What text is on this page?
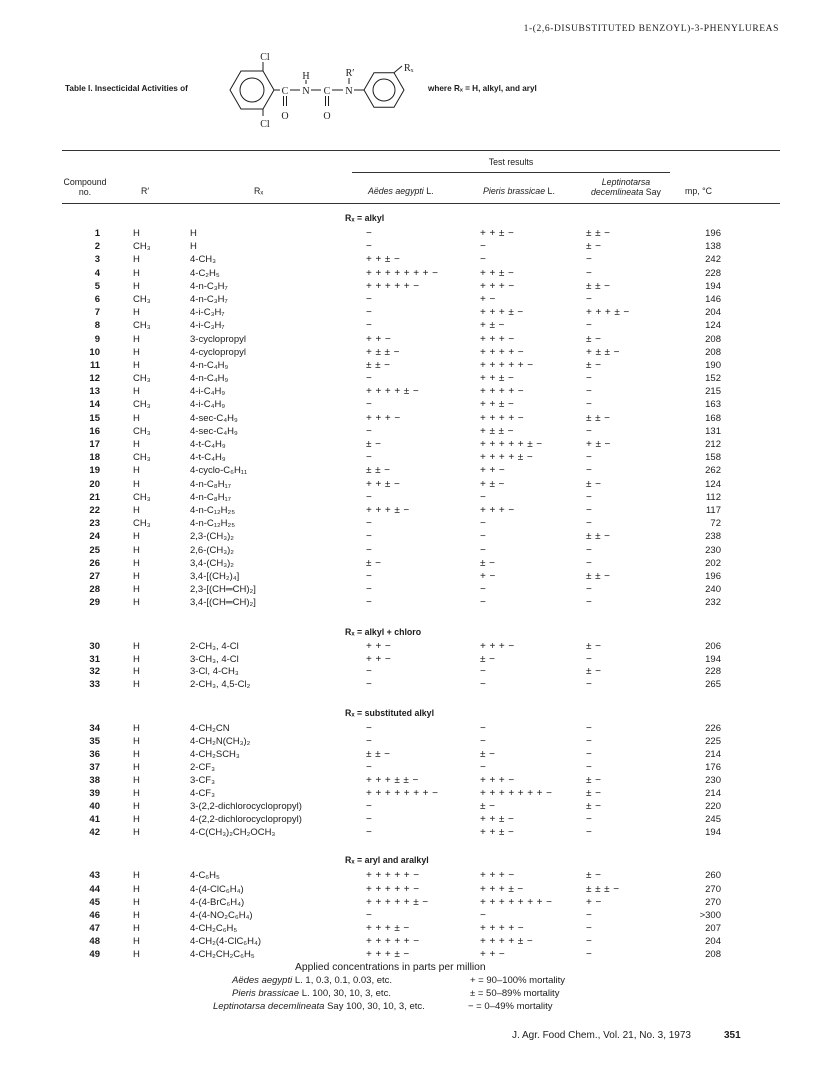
1-(2,6-DISUBSTITUTED BENZOYL)-3-PHENYLUREAS
Table I. Insecticidal Activities of
Cl
Cl
C N
H
C N
R′	Rₓ
O	O
where Rₓ = H, alkyl, and aryl
Test results
Compound
no.	R′	Rₓ	Aëdes aegypti L.	Pieris brassicae L.
Leptinotarsa
decemlineata Say	mp, °C
Rₓ = alkyl
1	H	H	−	++±−	±±−	196
2	CH₃	H	−	−	±−	138
3	H	4-CH₃	++±−	−	−	242
4	H	4-C₂H₅	+++++++−	++±−	−	228
5	H	4-n-C₃H₇	+++++−	+++−	±±−	194
6	CH₃	4-n-C₃H₇	−	+−	−	146
7	H	4-i-C₃H₇	−	+++±−	+++±−	204
8	CH₃	4-i-C₃H₇	−	+±−	−	124
9	H	3-cyclopropyl	++−	+++−	±−	208
10	H	4-cyclopropyl	+±±−	++++−	+±±−	208
11	H	4-n-C₄H₉	±±−	+++++−	±−	190
12	CH₃	4-n-C₄H₉	−	++±−	−	152
13	H	4-i-C₄H₉	++++±−	++++−	−	215
14	CH₃	4-i-C₄H₉	−	++±−	−	163
15	H	4-sec-C₄H₉	+++−	++++−	±±−	168
16	CH₃	4-sec-C₄H₉	−	+±±−	−	131
17	H	4-t-C₄H₉	±−	+++++±−	+±−	212
18	CH₃	4-t-C₄H₉	−	++++±−	−	158
19	H	4-cyclo-C₆H₁₁	±±−	++−	−	262
20	H	4-n-C₈H₁₇	++±−	+±−	±−	124
21	CH₃	4-n-C₈H₁₇	−	−	−	112
22	H	4-n-C₁₂H₂₅	+++±−	+++−	−	117
23	CH₃	4-n-C₁₂H₂₅	−	−	−	72
24	H	2,3-(CH₃)₂	−	−	±±−	238
25	H	2,6-(CH₃)₂	−	−	−	230
26	H	3,4-(CH₃)₂	±−	±−	−	202
27	H	3,4-[(CH₂)₄]	−	+−	±±−	196
28	H	2,3-[(CH═CH)₂]	−	−	−	240
29	H	3,4-[(CH═CH)₂]	−	−	−	232
Rₓ = alkyl + chloro
30	H	2-CH₃, 4-Cl	++−	+++−	±−	206
31	H	3-CH₃, 4-Cl	++−	±−	−	194
32	H	3-Cl, 4-CH₃	−	−	±−	228
33	H	2-CH₃, 4,5-Cl₂	−	−	−	265
Rₓ = substituted alkyl
34	H	4-CH₂CN	−	−	−	226
35	H	4-CH₂N(CH₃)₂	−	−	−	225
36	H	4-CH₂SCH₃	±±−	±−	−	214
37	H	2-CF₃	−	−	−	176
38	H	3-CF₃	+++±±−	+++−	±−	230
39	H	4-CF₃	+++++++−	+++++++−	±−	214
40	H	3-(2,2-dichlorocyclopropyl)	−	±−	±−	220
41	H	4-(2,2-dichlorocyclopropyl)	−	++±−	−	245
42	H	4-C(CH₃)₂CH₂OCH₃	−	++±−	−	194
Rₓ = aryl and aralkyl
43	H	4-C₆H₅	+++++−	+++−	±−	260
44	H	4-(4-ClC₆H₄)	+++++−	+++±−	±±±−	270
45	H	4-(4-BrC₆H₄)	+++++±−	+++++++−	+−	270
46	H	4-(4-NO₂C₆H₄)	−	−	−	>300
47	H	4-CH₂C₆H₅	+++±−	++++−	−	207
48	H	4-CH₂(4-ClC₆H₄)	+++++−	++++±−	−	204
49	H	4-CH₂CH₂C₆H₅	+++±−	++−	−	208
Applied concentrations in parts per million
Aëdes aegypti L. 1, 0.3, 0.1, 0.03, etc.
Pieris brassicae L. 100, 30, 10, 3, etc.
Leptinotarsa decemlineata Say 100, 30, 10, 3, etc.
+ = 90–100% mortality
± = 50–89% mortality
− = 0–49% mortality
J. Agr. Food Chem., Vol. 21, No. 3, 1973	351
